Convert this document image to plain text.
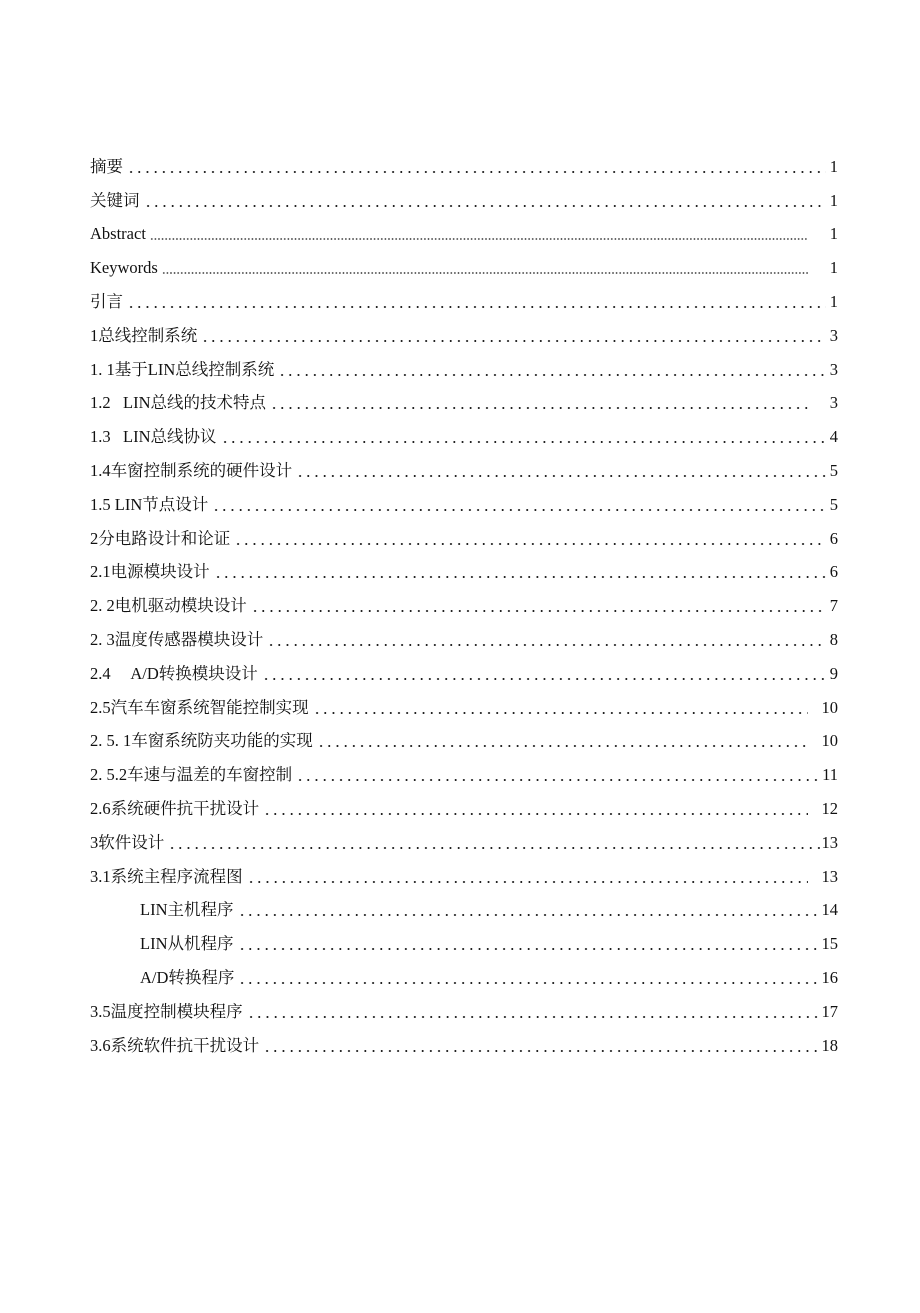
摘要	1
关键词	1
Abstract	1
Keywords	1
引言	1
1总线控制系统	3
1. 1基于LIN总线控制系统	3
1.2   LIN总线的技术特点	3
1.3   LIN总线协议	4
1.4车窗控制系统的硬件设计	5
1.5 LIN节点设计	5
2分电路设计和论证	6
2.1电源模块设计	6
2. 2电机驱动模块设计	7
2. 3温度传感器模块设计	8
2.4     A/D转换模块设计	9
2.5汽车车窗系统智能控制实现	10
2. 5. 1车窗系统防夹功能的实现	10
2. 5.2车速与温差的车窗控制	11
2.6系统硬件抗干扰设计	12
3软件设计	13
3.1系统主程序流程图	13
LIN主机程序	14
LIN从机程序	15
A/D转换程序	16
3.5温度控制模块程序	17
3.6系统软件抗干扰设计	18
